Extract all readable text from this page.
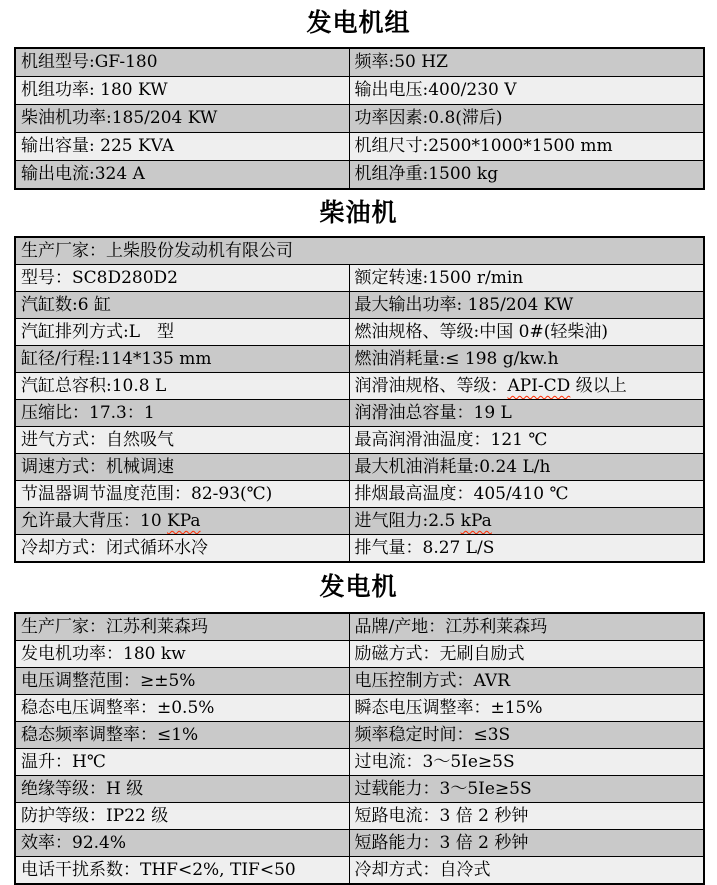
发电机组
机组型号:GF-180	频率:50 HZ
机组功率: 180 KW	输出电压:400/230 V
柴油机功率:185/204 KW	功率因素:0.8(滞后)
输出容量: 225 KVA	机组尺寸:2500*1000*1500 mm
输出电流:324 A	机组净重:1500 kg
柴油机
生产厂家：上柴股份发动机有限公司	
型号：SC8D280D2	额定转速:1500 r/min
汽缸数:6 缸	最大输出功率: 185/204 KW
汽缸排列方式:L　型	燃油规格、等级:中国 0#(轻柴油)
缸径/行程:114*135 mm	燃油消耗量:≤ 198 g/kw.h
汽缸总容积:10.8 L	润滑油规格、等级：API-CD 级以上
压缩比：17.3：1	润滑油总容量：19 L
进气方式：自然吸气	最高润滑油温度：121 ℃
调速方式：机械调速	最大机油消耗量:0.24 L/h
节温器调节温度范围：82-93(℃)	排烟最高温度：405/410 ℃
允许最大背压：10 KPa	进气阻力:2.5 kPa
冷却方式：闭式循环水冷	排气量：8.27 L/S
发电机
生产厂家：江苏利莱森玛	品牌/产地：江苏利莱森玛
发电机功率：180 kw	励磁方式：无刷自励式
电压调整范围：≥±5%	电压控制方式：AVR
稳态电压调整率：±0.5%	瞬态电压调整率：±15%
稳态频率调整率：≤1%	频率稳定时间：≤3S
温升：H℃	过电流：3～5Ie≥5S
绝缘等级：H 级	过载能力：3～5Ie≥5S
防护等级：IP22 级	短路电流：3 倍 2 秒钟
效率：92.4%	短路能力：3 倍 2 秒钟
电话干扰系数：THF<2%, TIF<50	冷却方式：自冷式
